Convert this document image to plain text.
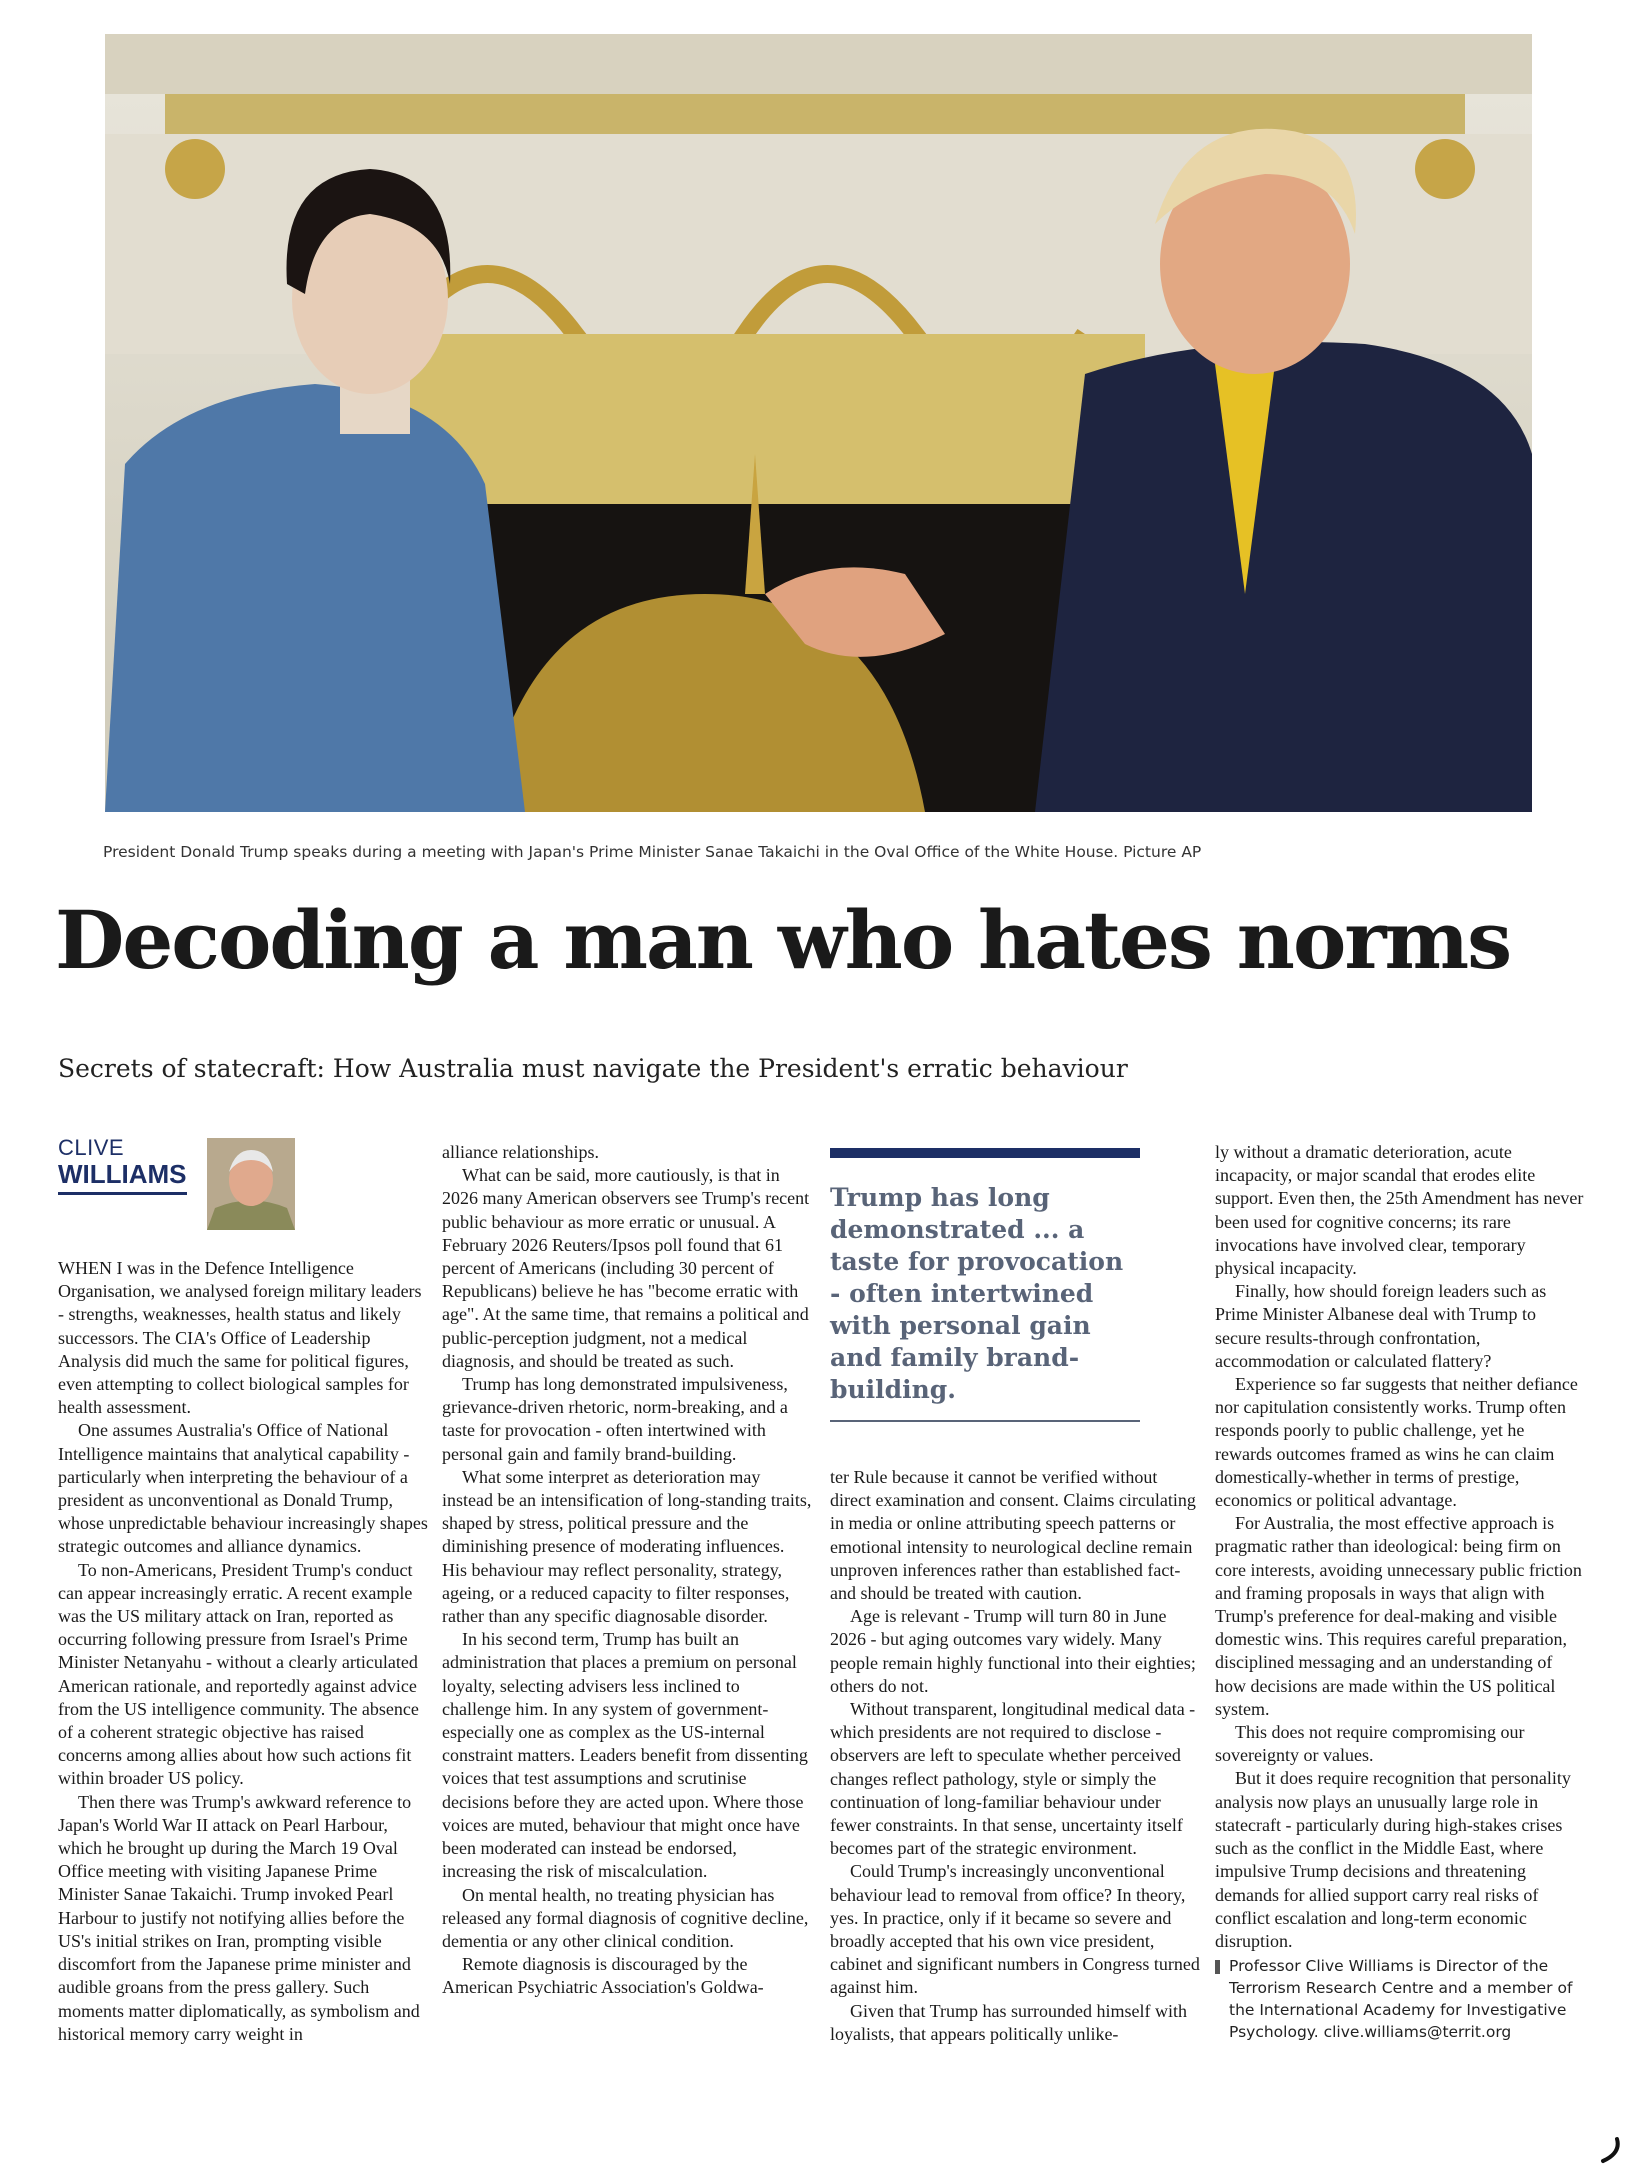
President Donald Trump speaks during a meeting with Japan's Prime Minister Sanae Takaichi in the Oval Office of the White House. Picture AP
Decoding a man who hates norms
Secrets of statecraft: How Australia must navigate the President's erratic behaviour
CLIVE
WILLIAMS

WHEN I was in the Defence Intelligence Organisation, we analysed foreign military leaders - strengths, weaknesses, health status and likely successors. The CIA's Office of Leadership Analysis did much the same for political figures, even attempting to collect biological samples for health assessment.

One assumes Australia's Office of National Intelligence maintains that analytical capability - particularly when interpreting the behaviour of a president as unconventional as Donald Trump, whose unpredictable behaviour increasingly shapes strategic outcomes and alliance dynamics.

To non-Americans, President Trump's conduct can appear increasingly erratic. A recent example was the US military attack on Iran, reported as occurring following pressure from Israel's Prime Minister Netanyahu - without a clearly articulated American rationale, and reportedly against advice from the US intelligence community. The absence of a coherent strategic objective has raised concerns among allies about how such actions fit within broader US policy.

Then there was Trump's awkward reference to Japan's World War II attack on Pearl Harbour, which he brought up during the March 19 Oval Office meeting with visiting Japanese Prime Minister Sanae Takaichi. Trump invoked Pearl Harbour to justify not notifying allies before the US's initial strikes on Iran, prompting visible discomfort from the Japanese prime minister and audible groans from the press gallery. Such moments matter diplomatically, as symbolism and historical memory carry weight in

alliance relationships.

What can be said, more cautiously, is that in 2026 many American observers see Trump's recent public behaviour as more erratic or unusual. A February 2026 Reuters/Ipsos poll found that 61 percent of Americans (including 30 percent of Republicans) believe he has "become erratic with age". At the same time, that remains a political and public-perception judgment, not a medical diagnosis, and should be treated as such.

Trump has long demonstrated impulsiveness, grievance-driven rhetoric, norm-breaking, and a taste for provocation - often intertwined with personal gain and family brand-building.

What some interpret as deterioration may instead be an intensification of long-standing traits, shaped by stress, political pressure and the diminishing presence of moderating influences. His behaviour may reflect personality, strategy, ageing, or a reduced capacity to filter responses, rather than any specific diagnosable disorder.

In his second term, Trump has built an administration that places a premium on personal loyalty, selecting advisers less inclined to challenge him. In any system of government-especially one as complex as the US-internal constraint matters. Leaders benefit from dissenting voices that test assumptions and scrutinise decisions before they are acted upon. Where those voices are muted, behaviour that might once have been moderated can instead be endorsed, increasing the risk of miscalculation.

On mental health, no treating physician has released any formal diagnosis of cognitive decline, dementia or any other clinical condition.

Remote diagnosis is discouraged by the American Psychiatric Association's Goldwa-

Trump has long demonstrated ... a taste for provocation - often intertwined with personal gain and family brand-building.

ter Rule because it cannot be verified without direct examination and consent. Claims circulating in media or online attributing speech patterns or emotional intensity to neurological decline remain unproven inferences rather than established fact-and should be treated with caution.

Age is relevant - Trump will turn 80 in June 2026 - but aging outcomes vary widely. Many people remain highly functional into their eighties; others do not.

Without transparent, longitudinal medical data - which presidents are not required to disclose - observers are left to speculate whether perceived changes reflect pathology, style or simply the continuation of long-familiar behaviour under fewer constraints. In that sense, uncertainty itself becomes part of the strategic environment.

Could Trump's increasingly unconventional behaviour lead to removal from office? In theory, yes. In practice, only if it became so severe and broadly accepted that his own vice president, cabinet and significant numbers in Congress turned against him.

Given that Trump has surrounded himself with loyalists, that appears politically unlike-

ly without a dramatic deterioration, acute incapacity, or major scandal that erodes elite support. Even then, the 25th Amendment has never been used for cognitive concerns; its rare invocations have involved clear, temporary physical incapacity.

Finally, how should foreign leaders such as Prime Minister Albanese deal with Trump to secure results-through confrontation, accommodation or calculated flattery?

Experience so far suggests that neither defiance nor capitulation consistently works. Trump often responds poorly to public challenge, yet he rewards outcomes framed as wins he can claim domestically-whether in terms of prestige, economics or political advantage.

For Australia, the most effective approach is pragmatic rather than ideological: being firm on core interests, avoiding unnecessary public friction and framing proposals in ways that align with Trump's preference for deal-making and visible domestic wins. This requires careful preparation, disciplined messaging and an understanding of how decisions are made within the US political system.

This does not require compromising our sovereignty or values.

But it does require recognition that personality analysis now plays an unusually large role in statecraft - particularly during high-stakes crises such as the conflict in the Middle East, where impulsive Trump decisions and threatening demands for allied support carry real risks of conflict escalation and long-term economic disruption.

Professor Clive Williams is Director of the Terrorism Research Centre and a member of the International Academy for Investigative Psychology. clive.williams@territ.org
